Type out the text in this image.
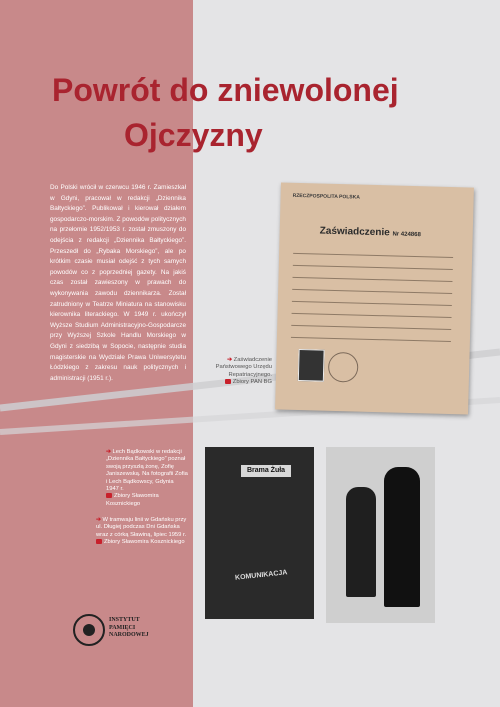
Powrót do zniewolonej
Ojczyzny
Do Polski wrócił w czerwcu 1946 r. Zamieszkał w Gdyni, pracował w redakcji „Dziennika Bałtyckiego”. Publikował i kierował działem gospodarczo-morskim. Z powodów politycznych na przełomie 1952/1953 r. został zmuszony do odejścia z redakcji „Dziennika Bałtyckiego”. Przeszedł do „Rybaka Morskiego”, ale po krótkim czasie musiał odejść z tych samych powodów co z poprzedniej gazety. Na jakiś czas został zawieszony w prawach do wykonywania zawodu dziennikarza. Został zatrudniony w Teatrze Miniatura na stanowisku kierownika literackiego. W 1949 r. ukończył Wyższe Studium Administracyjno-Gospodarcze przy Wyższej Szkole Handlu Morskiego w Gdyni z siedzibą w Sopocie, następnie studia magisterskie na Wydziale Prawa Uniwersytetu Łódzkiego z zakresu nauk politycznych i administracji (1951 r.).
RZECZPOSPOLITA POLSKA
Zaświadczenie Nr 424868
➔ Zaświadczenie Państwowego Urzędu Repatriacyjnego.
Zbiory PAN BG
➔ Lech Bądkowski w redakcji „Dziennika Bałtyckiego” poznał swoją przyszłą żonę, Zofię Janiszewską. Na fotografii Zofia i Lech Bądkowscy, Gdynia 1947 r.
Zbiory Sławomira Kosznickiego
➔ W tramwaju linii w Gdańsku przy ul. Długiej podczas Dni Gdańska wraz z córką Sławiną, lipiec 1959 r.
Zbiory Sławomira Kosznickiego
Brama Żuła
KOMUNIKACJA
INSTYTUT
PAMIĘCI
NARODOWEJ
